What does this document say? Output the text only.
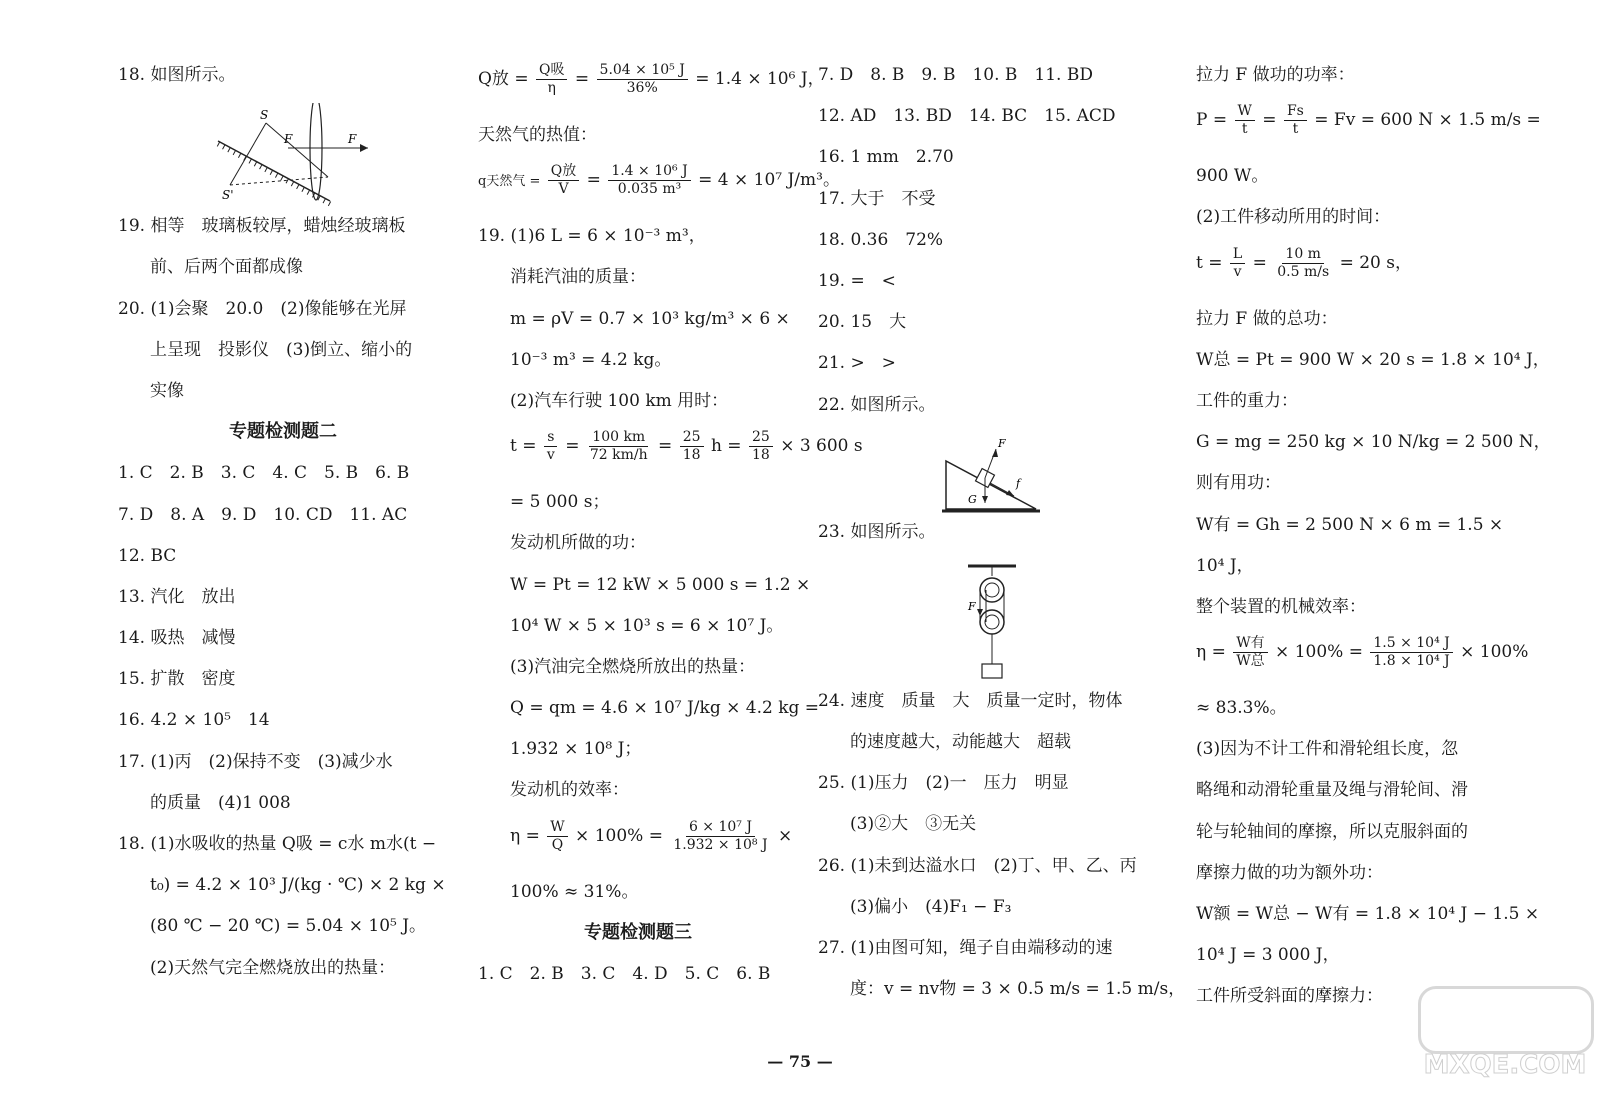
18. 如图所示。
S
S'
F	F
19. 相等　玻璃板较厚，蜡烛经玻璃板
前、后两个面都成像
20. (1)会聚　20.0　(2)像能够在光屏
上呈现　投影仪　(3)倒立、缩小的
实像
专题检测题二
1. C　2. B　3. C　4. C　5. B　6. B
7. D　8. A　9. D　10. CD　11. AC
12. BC
13. 汽化　放出
14. 吸热　减慢
15. 扩散　密度
16. 4.2 × 10⁵　14
17. (1)丙　(2)保持不变　(3)减少水
的质量　(4)1 008
18. (1)水吸收的热量 Q吸 = c水 m水(t −
t₀) = 4.2 × 10³ J/(kg · ℃) × 2 kg ×
(80 ℃ − 20 ℃) = 5.04 × 10⁵ J。
(2)天然气完全燃烧放出的热量：
Q放 = $\frac{\text{Q吸}}{\eta} = \frac{\text{5.04 × 10⁵ J}}{36\%} = 1.4 \times 10^6$ J，
天然气的热值：
q天然气 = $\frac{\text{Q放}}{V} = \frac{\text{1.4 × 10⁶ J}}{\text{0.035 m³}} = 4 \times 10^7$ J/m³。
19. (1)6 L = 6 × 10⁻³ m³，
消耗汽油的质量：
m = ρV = 0.7 × 10³ kg/m³ × 6 ×
10⁻³ m³ = 4.2 kg。
(2)汽车行驶 100 km 用时：
$t = \frac{s}{v} = \frac{100 km}{72 km/h} = \frac{25}{18}$ $h = \frac{25}{18} \times 3$ 600 s
= 5 000 s；
发动机所做的功：
W = Pt = 12 kW × 5 000 s = 1.2 ×
10⁴ W × 5 × 10³ s = 6 × 10⁷ J。
(3)汽油完全燃烧所放出的热量：
Q = qm = 4.6 × 10⁷ J/kg × 4.2 kg =
1.932 × 10⁸ J；
发动机的效率：
$\eta = \frac{W}{Q} \times 100\% = \frac{\text{6 × 10⁷ J}}{\text{1.932 × 10⁸ J}}$ ×
100% ≈ 31%。
专题检测题三
1. C　2. B　3. C　4. D　5. C　6. B
7. D　8. B　9. B　10. B　11. BD
12. AD　13. BD　14. BC　15. ACD
16. 1 mm　2.70
17. 大于　不受
18. 0.36　72%
19. =　<
20. 15　大
21. >　>
22. 如图所示。
F
f
G
23. 如图所示。
F
24. 速度　质量　大　质量一定时，物体
的速度越大，动能越大　超载
25. (1)压力　(2)一　压力　明显
(3)②大　③无关
26. (1)未到达溢水口　(2)丁、甲、乙、丙
(3)偏小　(4)F₁ − F₃
27. (1)由图可知，绳子自由端移动的速
度：v = nv物 = 3 × 0.5 m/s = 1.5 m/s，
拉力 F 做功的功率：
$P = \frac{W}{t} = \frac{Fs}{t} = Fv = 600$ N × 1.5 m/s =
900 W。
(2)工件移动所用的时间：
$t = \frac{L}{v} = \frac{10 m}{0.5 m/s} = 20$ s，
拉力 F 做的总功：
W总 = Pt = 900 W × 20 s = 1.8 × 10⁴ J，
工件的重力：
G = mg = 250 kg × 10 N/kg = 2 500 N，
则有用功：
W有 = Gh = 2 500 N × 6 m = 1.5 ×
10⁴ J，
整个装置的机械效率：
$\eta = \frac{\text{W有}}{\text{W总}} \times 100\% = \frac{\text{1.5 × 10⁴ J}}{\text{1.8 × 10⁴ J}} \times 100\%$
≈ 83.3%。
(3)因为不计工件和滑轮组长度，忽
略绳和动滑轮重量及绳与滑轮间、滑
轮与轮轴间的摩擦，所以克服斜面的
摩擦力做的功为额外功：
W额 = W总 − W有 = 1.8 × 10⁴ J − 1.5 ×
10⁴ J = 3 000 J，
工件所受斜面的摩擦力：
— 75 —	MXQE.COM
